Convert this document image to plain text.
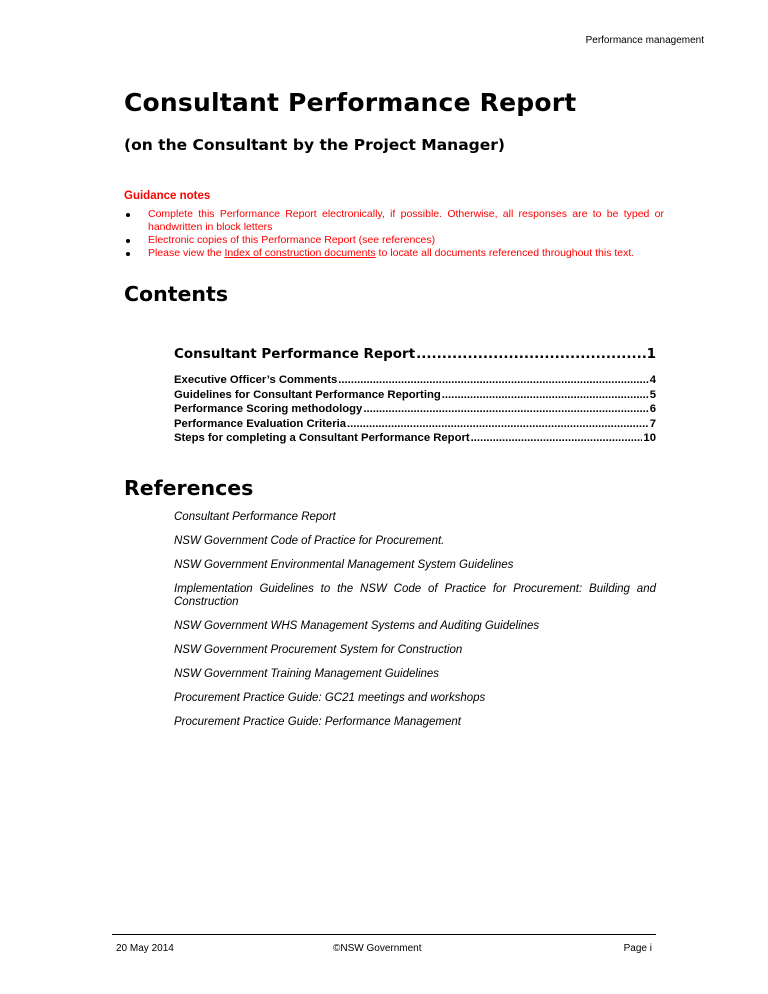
Performance management
Consultant Performance Report
(on the Consultant by the Project Manager)
Guidance notes
Complete this Performance Report electronically, if possible. Otherwise, all responses are to be typed or handwritten in block letters
Electronic copies of this Performance Report (see references)
Please view the Index of construction documents to locate all documents referenced throughout this text.
Contents
Consultant Performance Report .....	1
Executive Officer’s Comments .....	4
Guidelines for Consultant Performance Reporting .....	5
Performance Scoring methodology .....	6
Performance Evaluation Criteria .....	7
Steps for completing a Consultant Performance Report .....	10
References
Consultant Performance Report
NSW Government Code of Practice for Procurement.
NSW Government Environmental Management System Guidelines
Implementation Guidelines to the NSW Code of Practice for Procurement: Building and Construction
NSW Government WHS Management Systems and Auditing Guidelines
NSW Government Procurement System for Construction
NSW Government Training Management Guidelines
Procurement Practice Guide: GC21 meetings and workshops
Procurement Practice Guide: Performance Management
20 May 2014	©NSW Government	Page i
